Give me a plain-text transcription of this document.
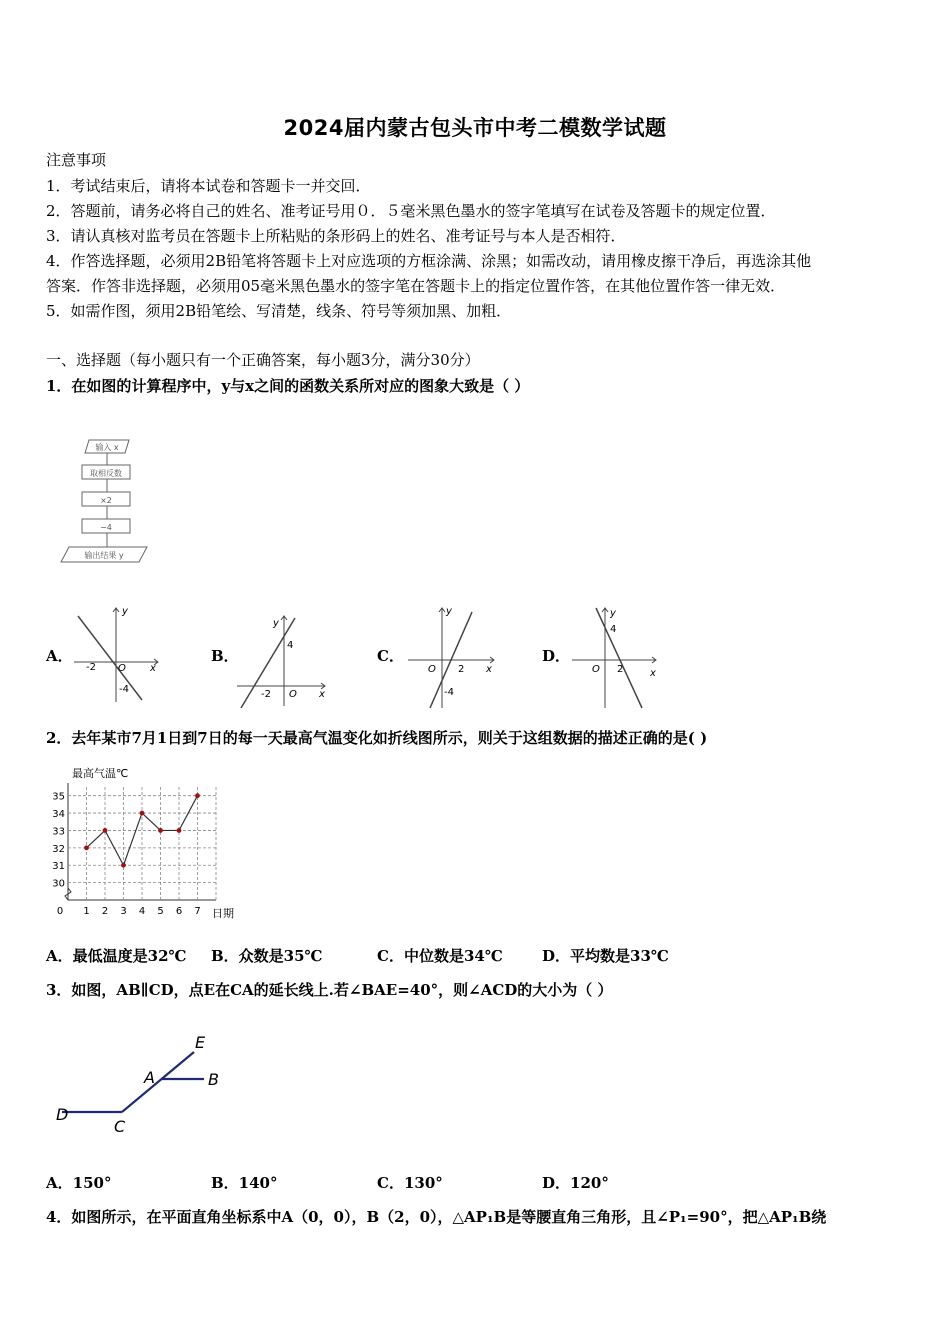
2024届内蒙古包头市中考二模数学试题
注意事项
1．考试结束后，请将本试卷和答题卡一并交回．
2．答题前，请务必将自己的姓名、准考证号用０．５毫米黑色墨水的签字笔填写在试卷及答题卡的规定位置．
3．请认真核对监考员在答题卡上所粘贴的条形码上的姓名、准考证号与本人是否相符．
4．作答选择题，必须用2B铅笔将答题卡上对应选项的方框涂满、涂黑；如需改动，请用橡皮擦干净后，再选涂其他
答案．作答非选择题，必须用05毫米黑色墨水的签字笔在答题卡上的指定位置作答，在其他位置作答一律无效．
5．如需作图，须用2B铅笔绘、写清楚，线条、符号等须加黑、加粗．
一、选择题（每小题只有一个正确答案，每小题3分，满分30分）
1．在如图的计算程序中，y与x之间的函数关系所对应的图象大致是（ ）
输入 x
取相反数
×2
−4
输出结果 y
A．
x
y
O
-2
-4
B．
x
y
O
-2
4
C．
x
y
O 2
-4
D．
x
y
O 2
4
2．去年某市7月1日到7日的每一天最高气温变化如折线图所示，则关于这组数据的描述正确的是( )
最高气温℃
日期
30
31
32
33
34
35
1 2 3 4 5 6 7
0
A．最低温度是32℃ B．众数是35℃	C．中位数是34℃	D．平均数是33℃
3．如图，AB∥CD，点E在CA的延长线上.若∠BAE=40°，则∠ACD的大小为（ ）
E
A	B
D
C
A．150°	B．140°	C．130°	D．120°
4．如图所示，在平面直角坐标系中A（0，0），B（2，0），△AP₁B是等腰直角三角形，且∠P₁=90°，把△AP₁B绕
